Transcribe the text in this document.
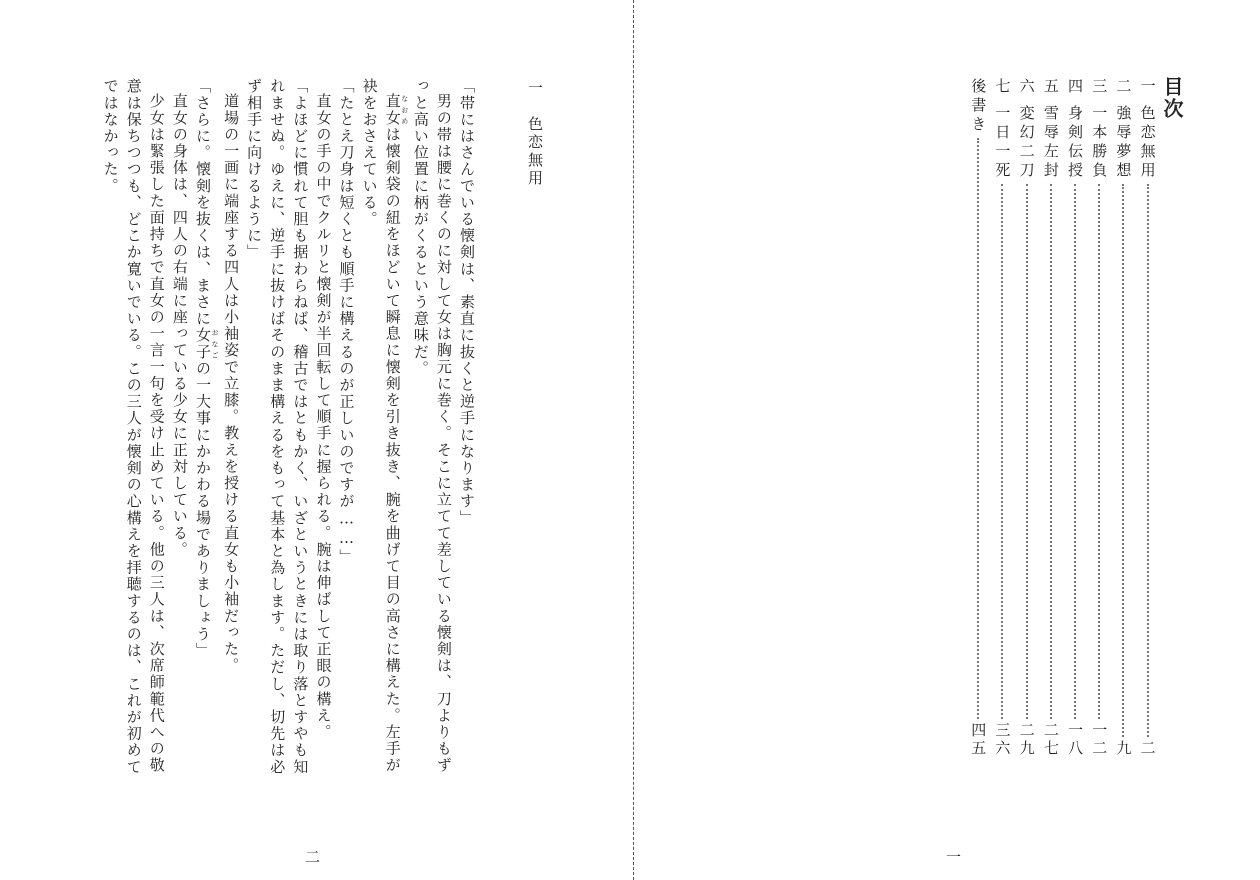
一　色恋無用

「帯にはさんでいる懐剣は、素直に抜くと逆手になります」

男の帯は腰に巻くのに対して女は胸元に巻く。そこに立てて差している懐剣は、刀よりもずっと高い位置に柄がくるという意味だ。

直女 なおめは懐剣袋の紐をほどいて瞬息に懐剣を引き抜き、腕を曲げて目の高さに構えた。左手が袂をおさえている。

「たとえ刀身は短くとも順手に構えるのが正しいのですが……」

直女の手の中でクルリと懐剣が半回転して順手に握られる。腕は伸ばして正眼の構え。

「よほどに慣れて胆も据わらねば、稽古ではともかく、いざというときには取り落とすやも知れませぬ。ゆえに、逆手に抜けばそのまま構えるをもって基本と為します。ただし、切先は必ず相手に向けるように」

道場の一画に端座する四人は小袖姿で立膝。教えを授ける直女も小袖だった。

「さらに。懐剣を抜くは、まさに女子 おなごの一大事にかかわる場でありましょう」

直女の身体は、四人の右端に座っている少女に正対している。

少女は緊張した面持ちで直女の一言一句を受け止めている。他の三人は、次席師範代への敬意は保ちつつも、どこか寛いでいる。この三人が懐剣の心構えを拝聴するのは、これが初めてではなかった。

二
目次
一
色恋無用
二
二
強辱夢想
九
三
一本勝負
一二
四
身剣伝授
一八
五
雪辱左封
二七
六
変幻二刀
二九
七
一日一死
三六
後書き
四五
一
